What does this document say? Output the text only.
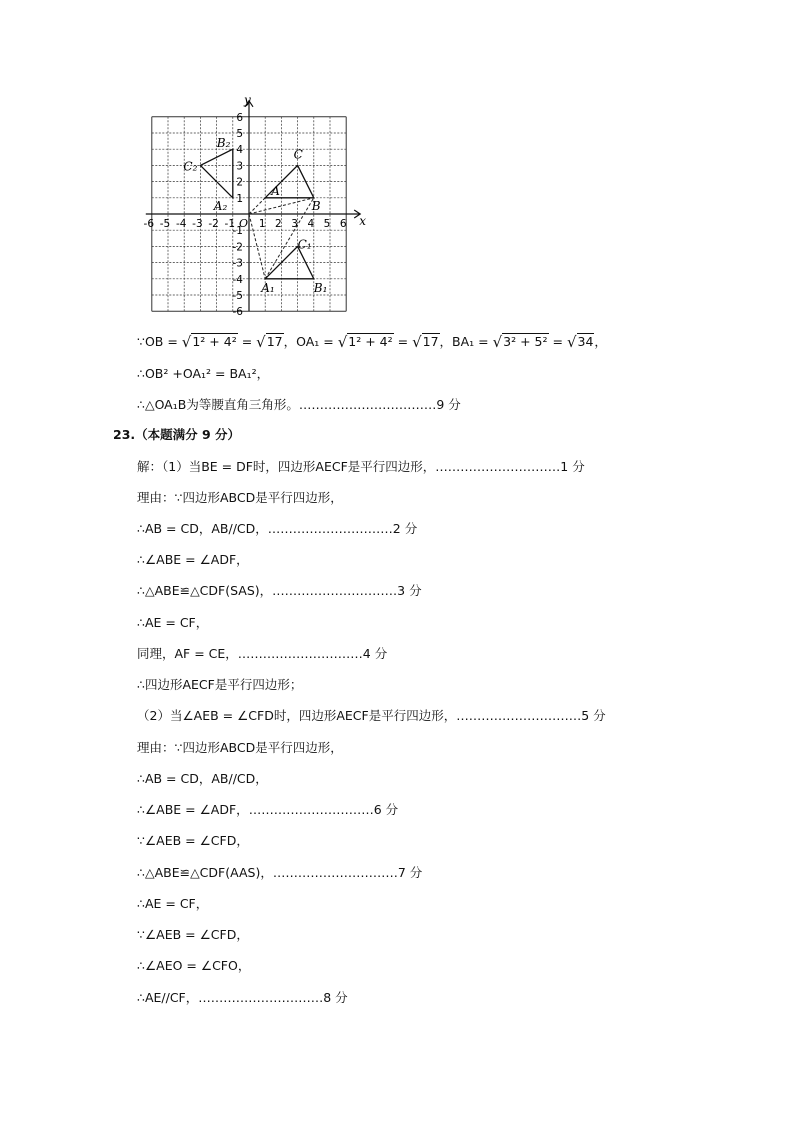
x
y
-6 -5 -4 -3 -2 -1 1 2 3 4 5 6
6
5
4
3
2
1
-1
-2
-3
-4
-5
-6
O
A
B
C
A₁	B₁
C₁
A₂
B₂
C₂
∵OB = √1² + 4² = √17，OA₁ = √1² + 4² = √17，BA₁ = √3² + 5² = √34，
∴OB² +OA₁² = BA₁²，
∴△OA₁B为等腰直角三角形。……………………………9 分
23.（本题满分 9 分）
解：（1）当BE = DF时，四边形AECF是平行四边形，…………………………1 分
理由：∵四边形ABCD是平行四边形，
∴AB = CD，AB//CD，…………………………2 分
∴∠ABE = ∠ADF，
∴△ABE≌△CDF(SAS)，…………………………3 分
∴AE = CF，
同理，AF = CE，…………………………4 分
∴四边形AECF是平行四边形；
（2）当∠AEB = ∠CFD时，四边形AECF是平行四边形，…………………………5 分
理由：∵四边形ABCD是平行四边形，
∴AB = CD，AB//CD，
∴∠ABE = ∠ADF，…………………………6 分
∵∠AEB = ∠CFD，
∴△ABE≌△CDF(AAS)，…………………………7 分
∴AE = CF，
∵∠AEB = ∠CFD，
∴∠AEO = ∠CFO，
∴AE//CF，…………………………8 分
